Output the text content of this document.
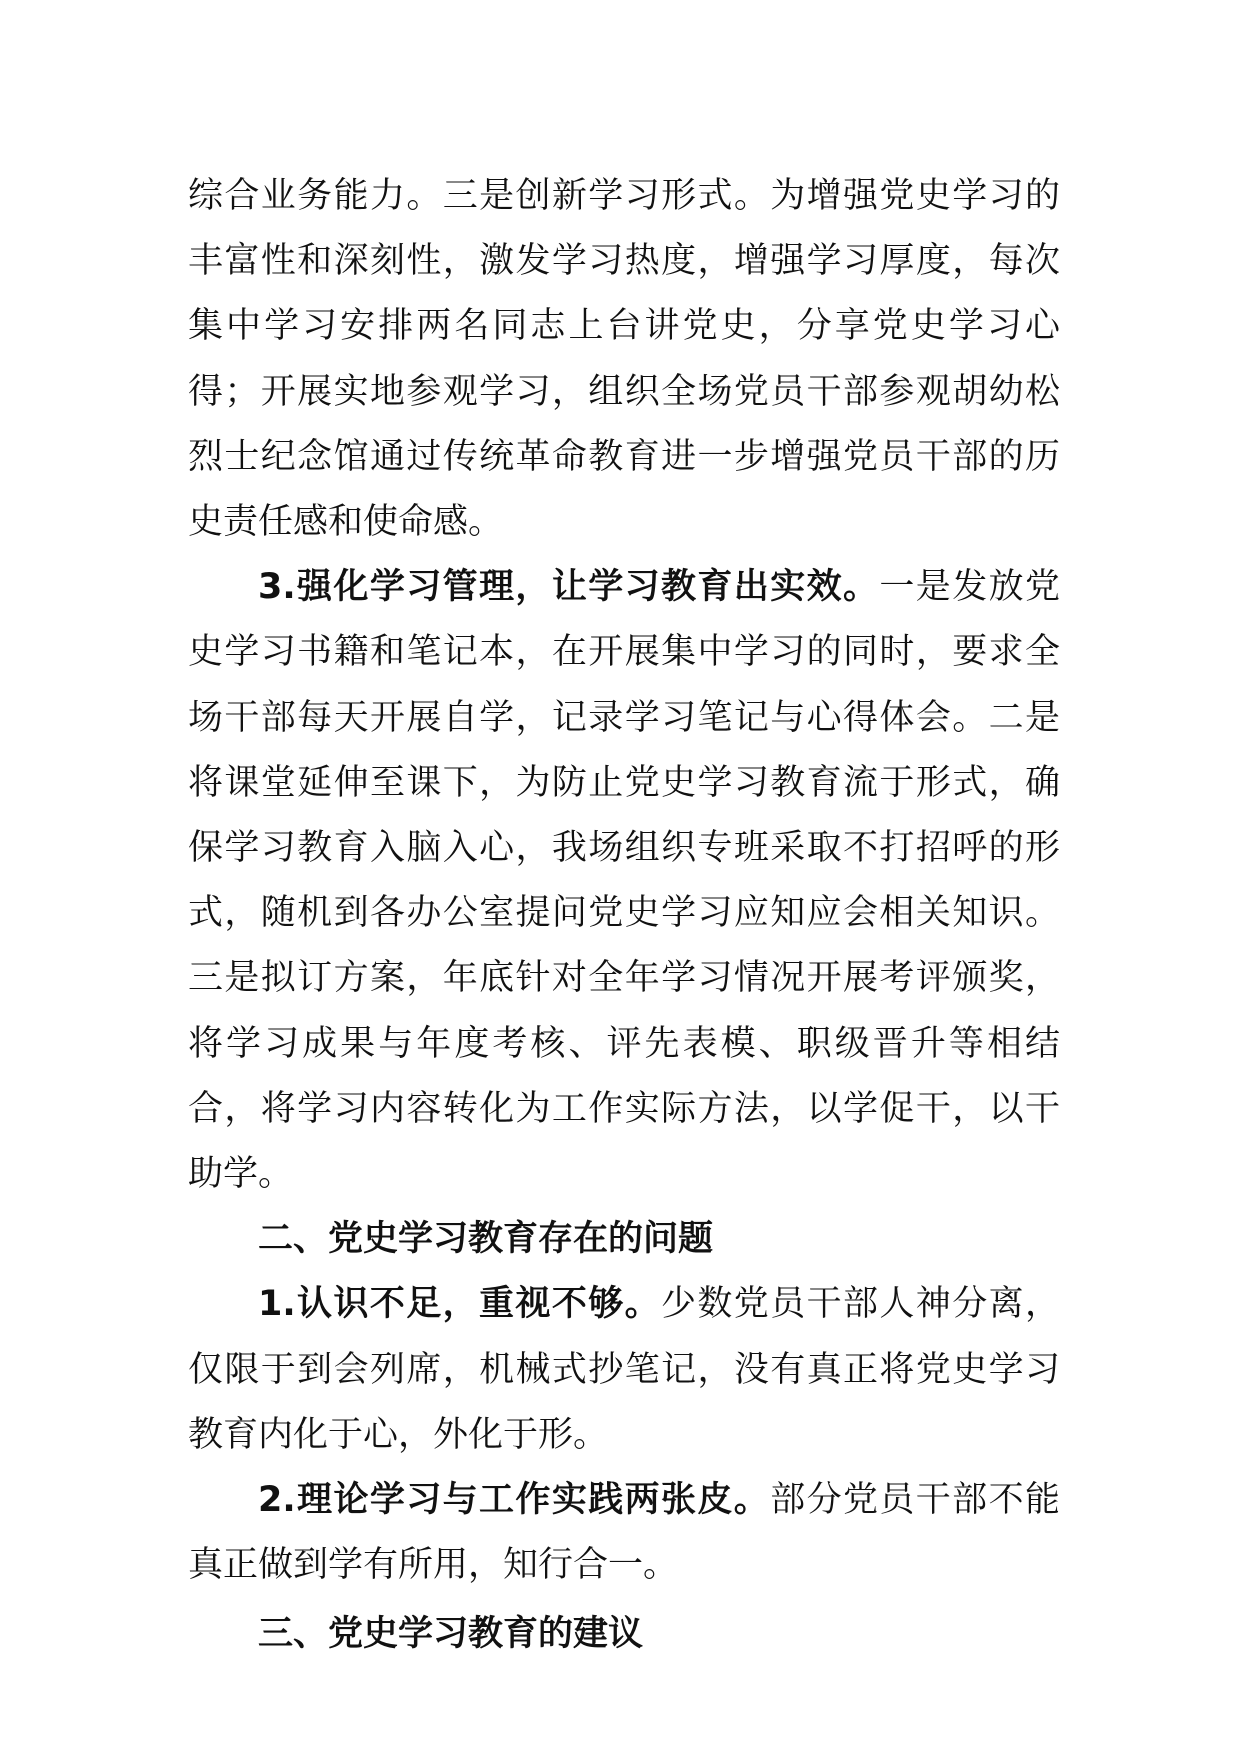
综合业务能力。三是创新学习形式。为增强党史学习的丰富性和深刻性，激发学习热度，增强学习厚度，每次集中学习安排两名同志上台讲党史，分享党史学习心得；开展实地参观学习，组织全场党员干部参观胡幼松烈士纪念馆通过传统革命教育进一步增强党员干部的历史责任感和使命感。

3.强化学习管理，让学习教育出实效。一是发放党史学习书籍和笔记本，在开展集中学习的同时，要求全场干部每天开展自学，记录学习笔记与心得体会。二是将课堂延伸至课下，为防止党史学习教育流于形式，确保学习教育入脑入心，我场组织专班采取不打招呼的形式，随机到各办公室提问党史学习应知应会相关知识。三是拟订方案，年底针对全年学习情况开展考评颁奖，将学习成果与年度考核、评先表模、职级晋升等相结合，将学习内容转化为工作实际方法，以学促干，以干助学。

二、党史学习教育存在的问题

1.认识不足，重视不够。少数党员干部人神分离，仅限于到会列席，机械式抄笔记，没有真正将党史学习教育内化于心，外化于形。

2.理论学习与工作实践两张皮。部分党员干部不能真正做到学有所用，知行合一。

三、党史学习教育的建议
